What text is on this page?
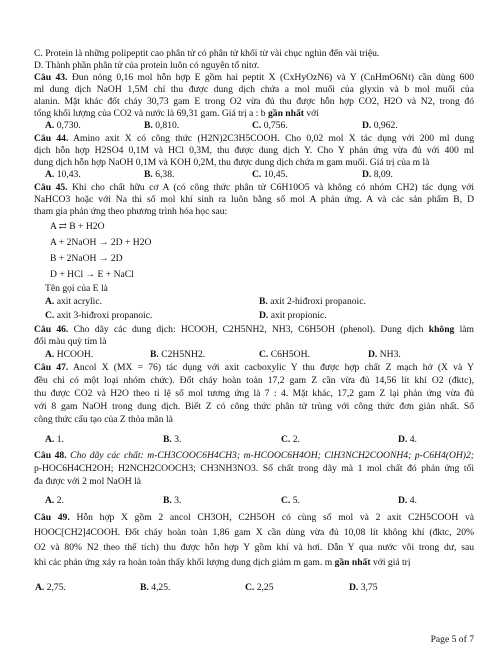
C. Protein là những polipeptit cao phân tử có phân tử khối từ vài chục nghìn đến vài triệu.
D. Thành phần phân tử của protein luôn có nguyên tố nitơ.
Câu 43. Đun nóng 0,16 mol hỗn hợp E gồm hai peptit X (CxHyOzN6) và Y (CnHmO6Nt) cần dùng 600
ml dung dịch NaOH 1,5M chỉ thu được dung dịch chứa a mol muối của glyxin và b mol muối của
alanin. Mặt khác đốt cháy 30,73 gam E trong O2 vừa đủ thu được hỗn hợp CO2, H2O và N2, trong đó
tổng khối lượng của CO2 và nước là 69,31 gam. Giá trị a : b gần nhất với
A. 0,730.	B. 0,810.	C. 0,756.	D. 0,962.
Câu 44. Amino axit X có công thức (H2N)2C3H5COOH. Cho 0,02 mol X tác dụng với 200 ml dung
dịch hỗn hợp H2SO4 0,1M và HCl 0,3M, thu được dung dịch Y. Cho Y phản ứng vừa đủ với 400 ml
dung dịch hỗn hợp NaOH 0,1M và KOH 0,2M, thu được dung dịch chứa m gam muối. Giá trị của m là
A. 10,43.	B. 6,38.	C. 10,45.	D. 8,09.
Câu 45. Khi cho chất hữu cơ A (có công thức phân tử C6H10O5 và không có nhóm CH2) tác dụng với
NaHCO3 hoặc với Na thì số mol khí sinh ra luôn bằng số mol A phản ứng. A và các sản phẩm B, D
tham gia phản ứng theo phương trình hóa học sau:
A ⇄ B + H2O
A + 2NaOH → 2D + H2O
B + 2NaOH → 2D
D + HCl → E + NaCl
Tên gọi của E là
A. axit acrylic.	B. axit 2-hiđroxi propanoic.
C. axit 3-hiđroxi propanoic.	D. axit propionic.
Câu 46. Cho dãy các dung dịch: HCOOH, C2H5NH2, NH3, C6H5OH (phenol). Dung dịch không làm
đổi màu quỳ tím là
A. HCOOH.	B. C2H5NH2.	C. C6H5OH.	D. NH3.
Câu 47. Ancol X (MX = 76) tác dụng với axit cacboxylic Y thu được hợp chất Z mạch hở (X và Y
đều chỉ có một loại nhóm chức). Đốt cháy hoàn toàn 17,2 gam Z cần vừa đủ 14,56 lít khí O2 (đktc),
thu được CO2 và H2O theo tỉ lệ số mol tương ứng là 7 : 4. Mặt khác, 17,2 gam Z lại phản ứng vừa đủ
với 8 gam NaOH trong dung dịch. Biết Z có công thức phân tử trùng với công thức đơn giản nhất. Số
công thức cấu tạo của Z thỏa mãn là
A. 1.	B. 3.	C. 2.	D. 4.
Câu 48. Cho dãy các chất: m-CH3COOC6H4CH3; m-HCOOC6H4OH; ClH3NCH2COONH4; p-C6H4(OH)2;
p-HOC6H4CH2OH; H2NCH2COOCH3; CH3NH3NO3. Số chất trong dãy mà 1 mol chất đó phản ứng tối
đa được với 2 mol NaOH là
A. 2.	B. 3.	C. 5.	D. 4.
Câu 49. Hỗn hợp X gồm 2 ancol CH3OH, C2H5OH có cùng số mol và 2 axit C2H5COOH và
HOOC[CH2]4COOH. Đốt cháy hoàn toàn 1,86 gam X cần dùng vừa đủ 10,08 lít không khí (đktc, 20%
O2 và 80% N2 theo thể tích) thu được hỗn hợp Y gồm khí và hơi. Dẫn Y qua nước vôi trong dư, sau
khi các phản ứng xảy ra hoàn toàn thấy khối lượng dung dịch giảm m gam. m gần nhất với giá trị
A. 2,75.	B. 4,25.	C. 2,25	D. 3,75
Page 5 of 7
